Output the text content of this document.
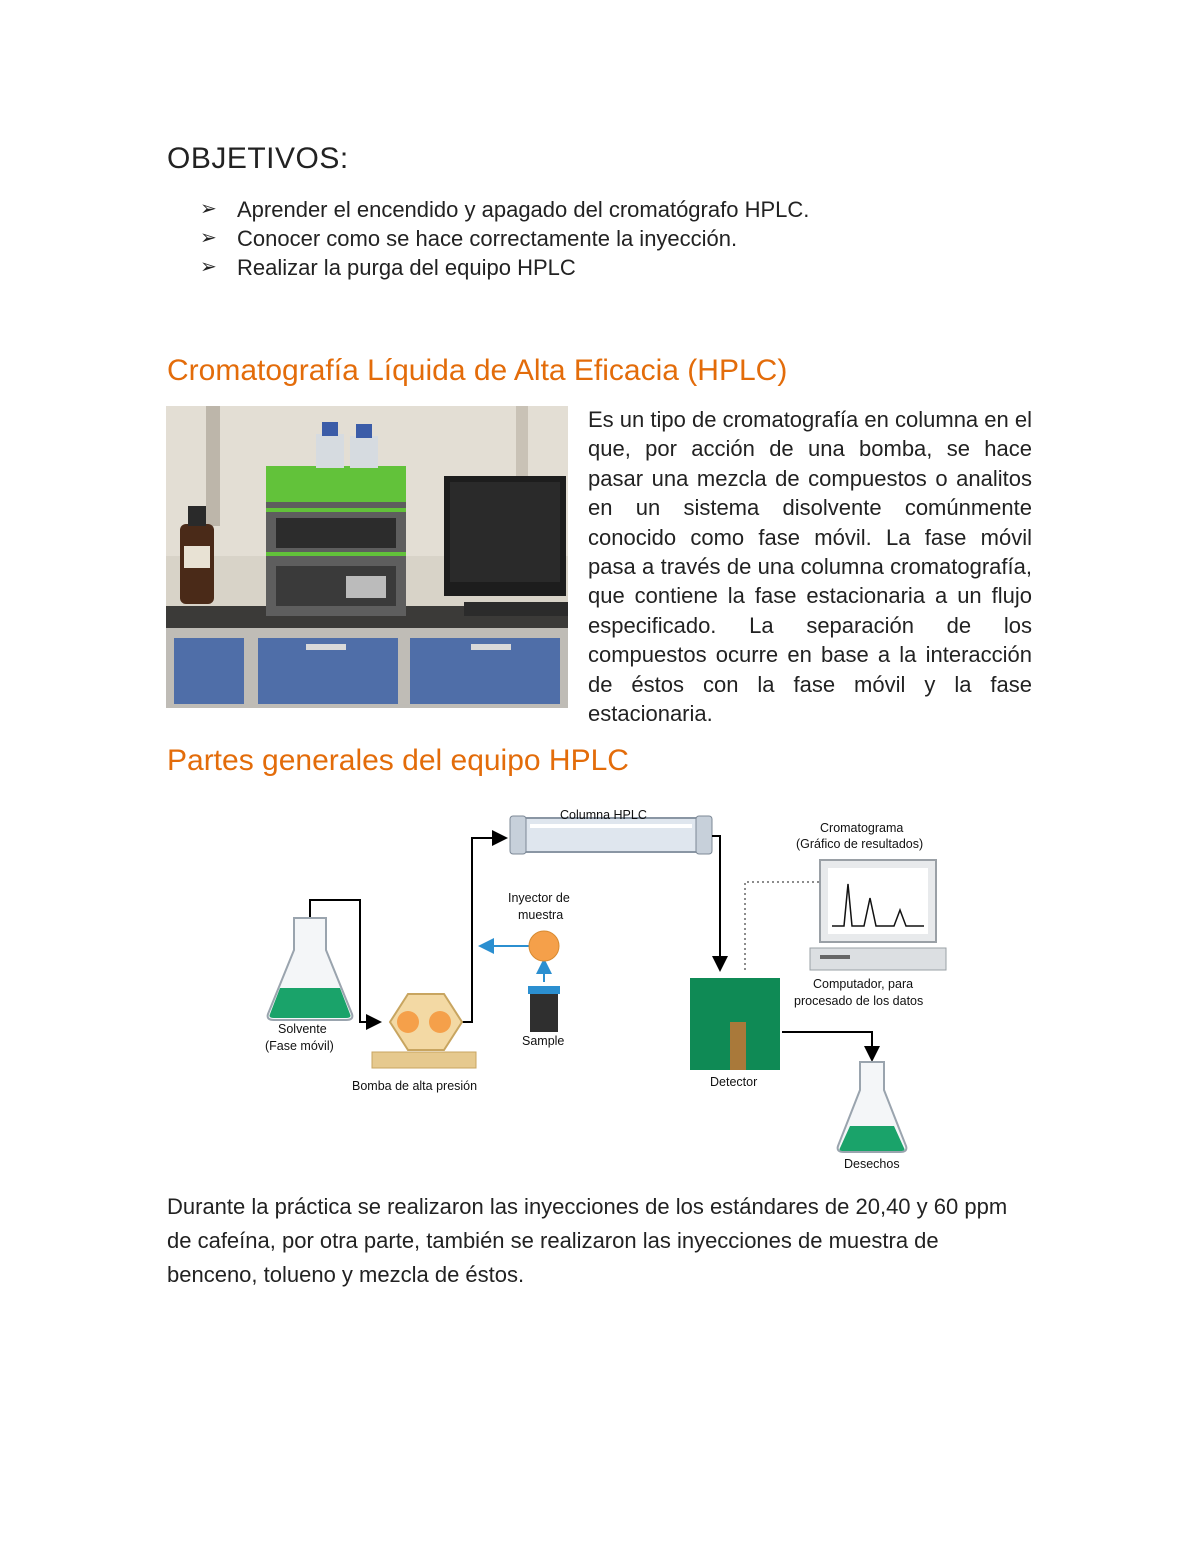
OBJETIVOS:
➢ Aprender el encendido y apagado del cromatógrafo HPLC.
➢ Conocer como se hace correctamente la inyección.
➢ Realizar la purga del equipo HPLC
Cromatografía Líquida de Alta Eficacia (HPLC)
Es un tipo de cromatografía en columna en el que, por acción de una bomba, se hace pasar una mezcla de compuestos o analitos en un sistema disolvente comúnmente conocido como fase móvil. La fase móvil pasa a través de una columna cromatografía, que contiene la fase estacionaria a un flujo especificado. La separación de los compuestos ocurre en base a la interacción de éstos con la fase móvil y la fase estacionaria.
Partes generales del equipo HPLC
Columna HPLC
Solvente
(Fase móvil)
Bomba de alta presión
Inyector de
muestra
Sample
Detector
Cromatograma
(Gráfico de resultados)
Computador, para
procesado de los datos
Desechos
Durante la práctica se realizaron las inyecciones de los estándares de 20,40 y 60 ppm de cafeína, por otra parte, también se realizaron las inyecciones de muestra de benceno, tolueno y mezcla de éstos.
